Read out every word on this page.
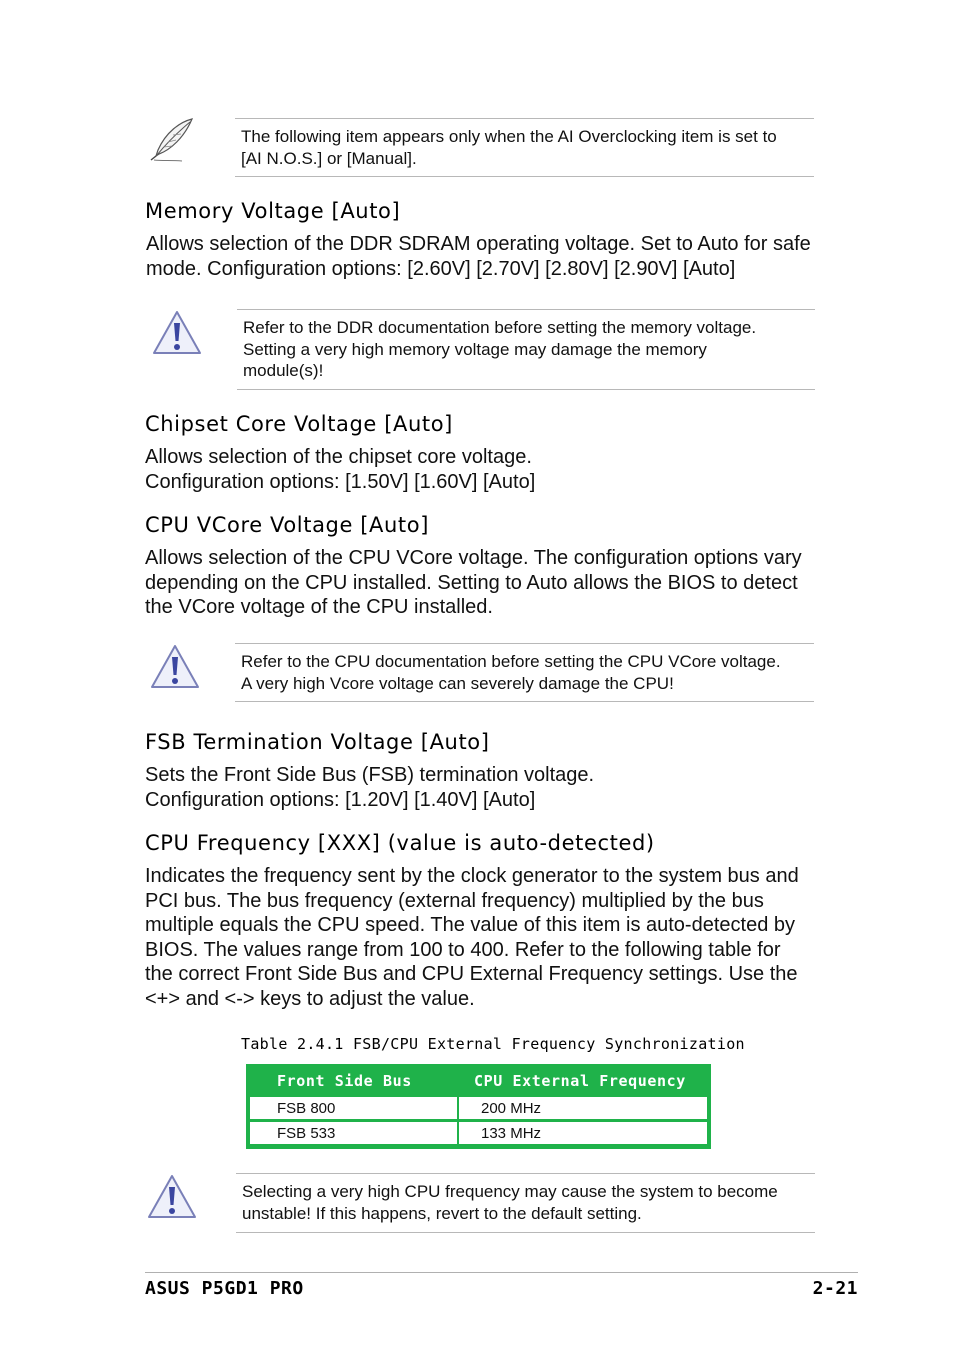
The following item appears only when the AI Overclocking item is set to
[AI N.O.S.] or [Manual].
Memory Voltage [Auto]
Allows selection of the DDR SDRAM operating voltage. Set to Auto for safe
mode. Configuration options: [2.60V] [2.70V] [2.80V] [2.90V] [Auto]
Refer to the DDR documentation before setting the memory voltage.
Setting a very high memory voltage may damage the memory
module(s)!
Chipset Core Voltage [Auto]
Allows selection of the chipset core voltage.
Configuration options: [1.50V] [1.60V] [Auto]
CPU VCore Voltage [Auto]
Allows selection of the CPU VCore voltage. The configuration options vary
depending on the CPU installed. Setting to Auto allows the BIOS to detect
the VCore voltage of the CPU installed.
Refer to the CPU documentation before setting the CPU VCore voltage.
A very high Vcore voltage can severely damage the CPU!
FSB Termination Voltage [Auto]
Sets the Front Side Bus (FSB) termination voltage.
Configuration options: [1.20V] [1.40V] [Auto]
CPU Frequency [XXX] (value is auto-detected)
Indicates the frequency sent by the clock generator to the system bus and
PCI bus. The bus frequency (external frequency) multiplied by the bus
multiple equals the CPU speed. The value of this item is auto-detected by
BIOS. The values range from 100 to 400. Refer to the following table for
the correct Front Side Bus and CPU External Frequency settings. Use the
<+> and <-> keys to adjust the value.
Table 2.4.1 FSB/CPU External Frequency Synchronization
Front Side Bus	CPU External Frequency
FSB 800	200 MHz
FSB 533	133 MHz
Selecting a very high CPU frequency may cause the system to become
unstable! If this happens, revert to the default setting.
ASUS P5GD1 PRO	2-21
